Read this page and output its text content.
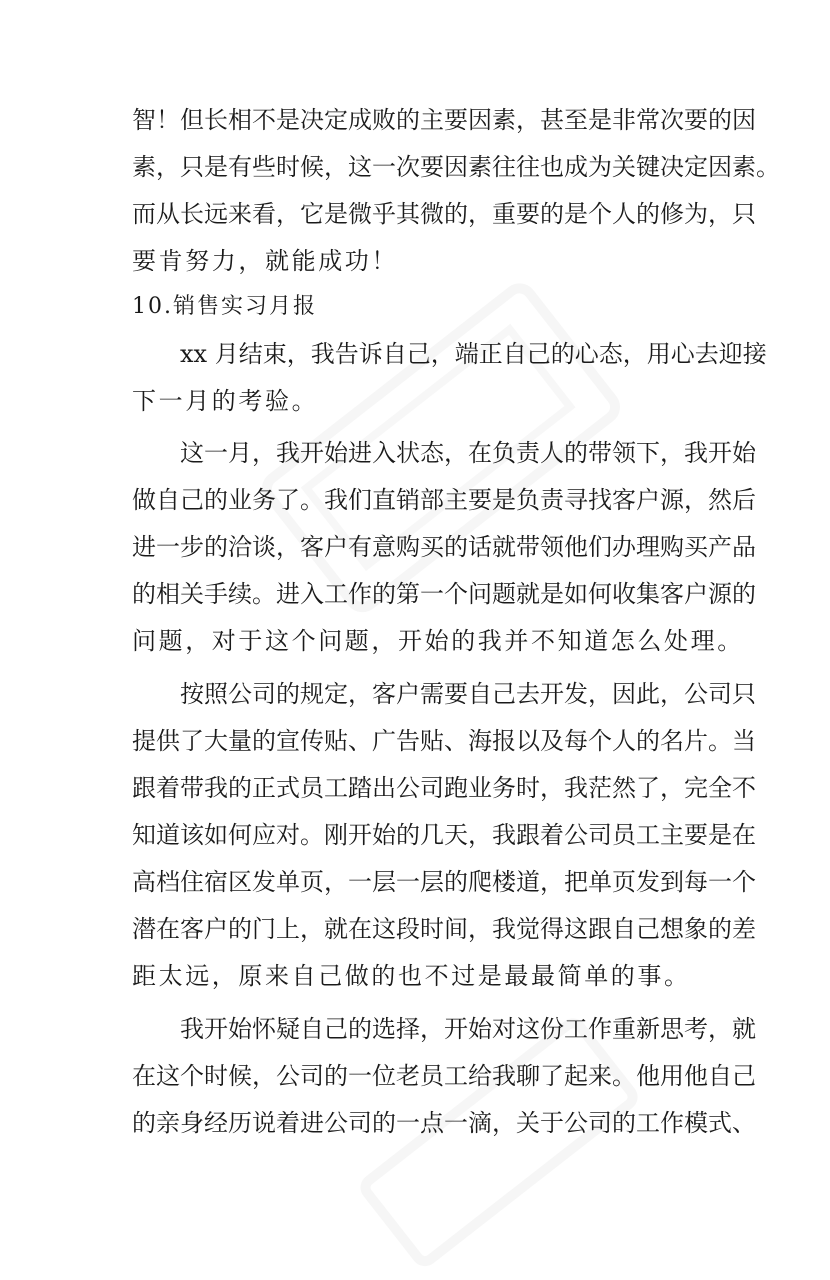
智！但长相不是决定成败的主要因素，甚至是非常次要的因
素，只是有些时候，这一次要因素往往也成为关键决定因素。
而从长远来看，它是微乎其微的，重要的是个人的修为，只
要肯努力，就能成功！
10.销售实习月报
xx 月结束，我告诉自己，端正自己的心态，用心去迎接
下一月的考验。
这一月，我开始进入状态，在负责人的带领下，我开始
做自己的业务了。我们直销部主要是负责寻找客户源，然后
进一步的洽谈，客户有意购买的话就带领他们办理购买产品
的相关手续。进入工作的第一个问题就是如何收集客户源的
问题，对于这个问题，开始的我并不知道怎么处理。
按照公司的规定，客户需要自己去开发，因此，公司只
提供了大量的宣传贴、广告贴、海报以及每个人的名片。当
跟着带我的正式员工踏出公司跑业务时，我茫然了，完全不
知道该如何应对。刚开始的几天，我跟着公司员工主要是在
高档住宿区发单页，一层一层的爬楼道，把单页发到每一个
潜在客户的门上，就在这段时间，我觉得这跟自己想象的差
距太远，原来自己做的也不过是最最简单的事。
我开始怀疑自己的选择，开始对这份工作重新思考，就
在这个时候，公司的一位老员工给我聊了起来。他用他自己
的亲身经历说着进公司的一点一滴，关于公司的工作模式、
